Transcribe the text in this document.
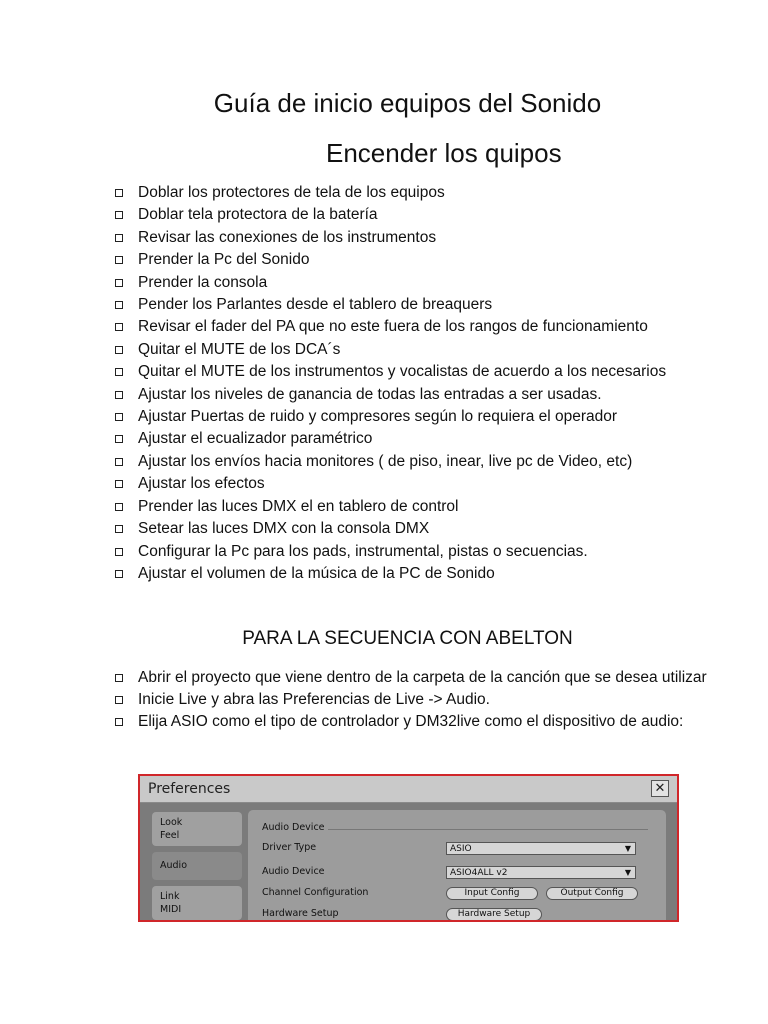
Guía de inicio equipos del Sonido
Encender los quipos
Doblar los protectores de tela de los equipos
Doblar tela protectora de la batería
Revisar las conexiones de los instrumentos
Prender la Pc del Sonido
Prender la consola
Pender los Parlantes desde el tablero de breaquers
Revisar el fader del PA que no este fuera de los rangos de funcionamiento
Quitar el MUTE de los DCA´s
Quitar el MUTE de los instrumentos y vocalistas de acuerdo a los necesarios
Ajustar los niveles de ganancia de todas las entradas a ser usadas.
Ajustar Puertas de ruido y compresores según lo requiera el operador
Ajustar el ecualizador paramétrico
Ajustar los envíos hacia monitores ( de piso, inear, live pc de Video, etc)
Ajustar los efectos
Prender las luces DMX el en tablero de control
Setear las luces DMX con la consola DMX
Configurar la Pc para los pads, instrumental, pistas o secuencias.
Ajustar el volumen de la música de la PC de Sonido
PARA LA SECUENCIA CON ABELTON
Abrir el proyecto que viene dentro de la carpeta de la canción que se desea utilizar
Inicie Live y abra las Preferencias de Live -> Audio.
Elija ASIO como el tipo de controlador y DM32live como el dispositivo de audio:
Preferences	✕
Look
Feel
Audio
Link
MIDI
Audio Device
Driver Type	ASIO	▼
Audio Device	ASIO4ALL v2	▼
Channel Configuration	Input Config	Output Config
Hardware Setup	Hardware Setup
